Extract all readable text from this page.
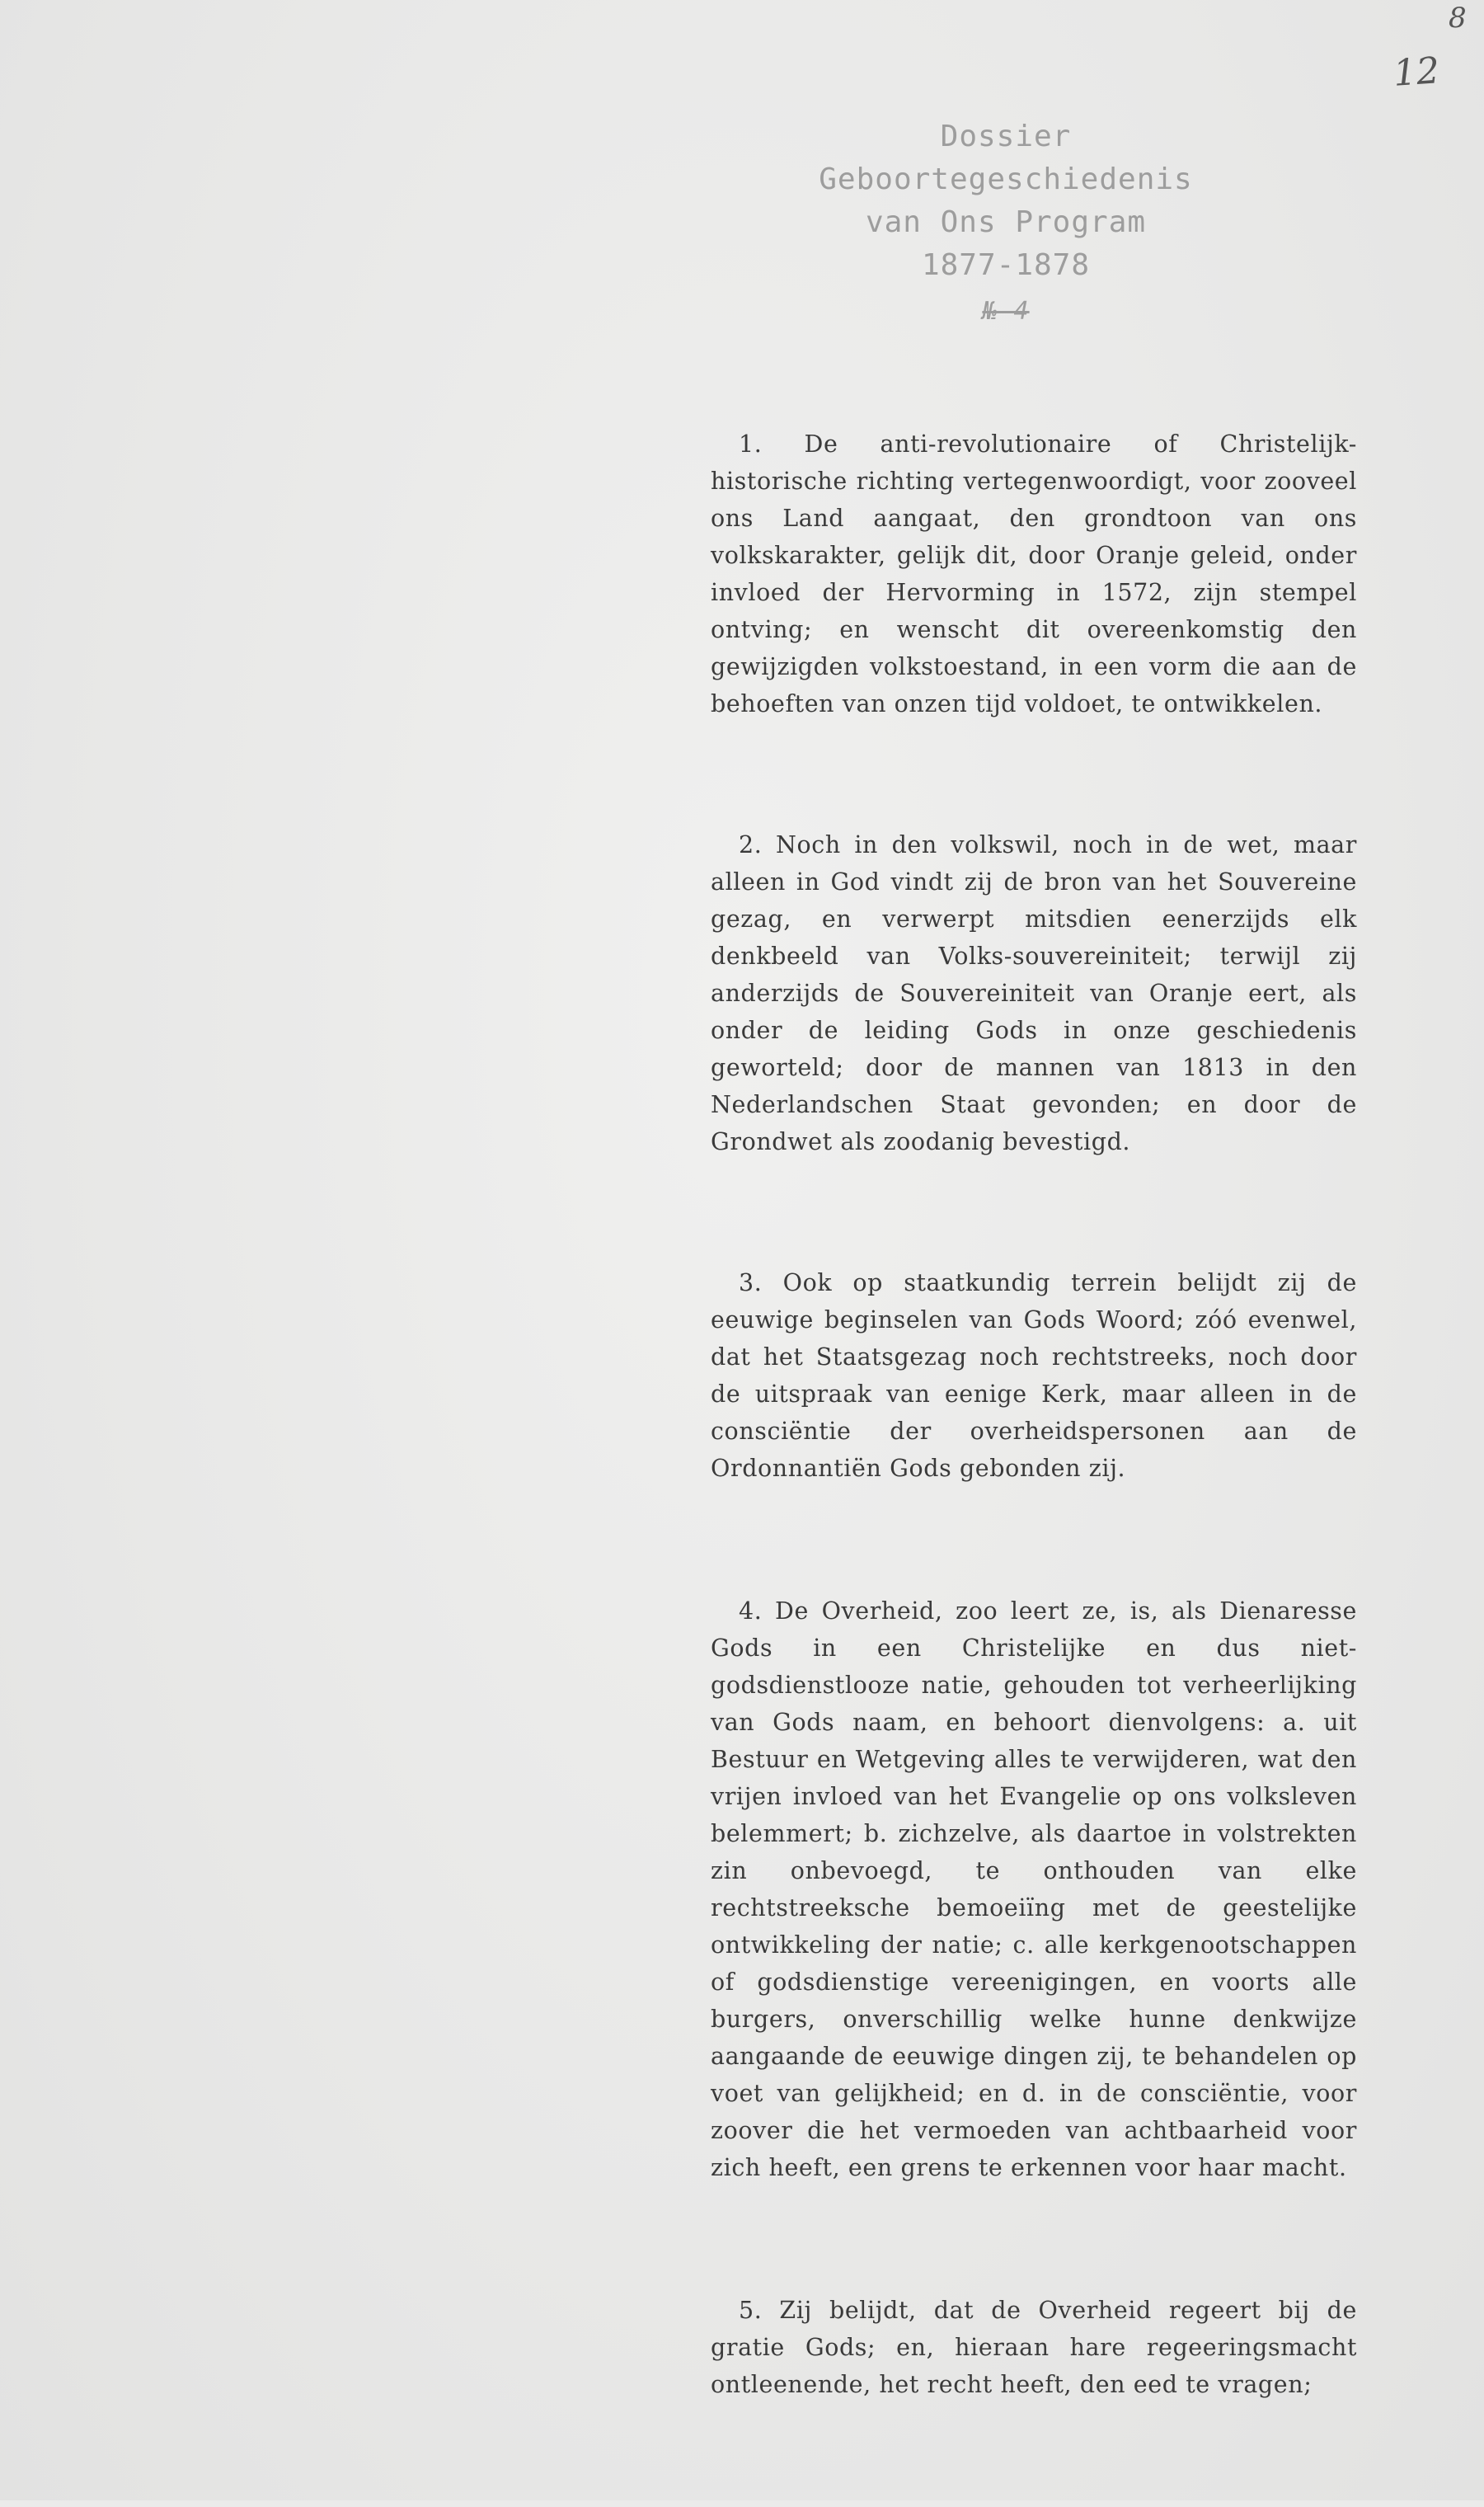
8
12
Dossier
Geboortegeschiedenis
van Ons Program
1877-1878
№ 4

1. De anti-revolutionaire of Christelijk-historische richting vertegenwoordigt, voor zooveel ons Land aangaat, den grondtoon van ons volkskarakter, gelijk dit, door Oranje geleid, onder invloed der Hervorming in 1572, zijn stempel ontving; en wenscht dit overeenkomstig den gewijzigden volkstoestand, in een vorm die aan de behoeften van onzen tijd voldoet, te ontwikkelen.

2. Noch in den volkswil, noch in de wet, maar alleen in God vindt zij de bron van het Souvereine gezag, en verwerpt mitsdien eenerzijds elk denkbeeld van Volks-souvereiniteit; terwijl zij anderzijds de Souvereiniteit van Oranje eert, als onder de leiding Gods in onze geschiedenis geworteld; door de mannen van 1813 in den Nederlandschen Staat gevonden; en door de Grondwet als zoodanig bevestigd.

3. Ook op staatkundig terrein belijdt zij de eeuwige beginselen van Gods Woord; zóó evenwel, dat het Staatsgezag noch rechtstreeks, noch door de uitspraak van eenige Kerk, maar alleen in de consciëntie der overheidspersonen aan de Ordonnantiën Gods gebonden zij.

4. De Overheid, zoo leert ze, is, als Dienaresse Gods in een Christelijke en dus niet-godsdienstlooze natie, gehouden tot verheerlijking van Gods naam, en behoort dienvolgens: a. uit Bestuur en Wetgeving alles te verwijderen, wat den vrijen invloed van het Evangelie op ons volksleven belemmert; b. zichzelve, als daartoe in volstrekten zin onbevoegd, te onthouden van elke rechtstreeksche bemoeiïng met de geestelijke ontwikkeling der natie; c. alle kerkgenootschappen of godsdienstige vereenigingen, en voorts alle burgers, onverschillig welke hunne denkwijze aangaande de eeuwige dingen zij, te behandelen op voet van gelijkheid; en d. in de consciëntie, voor zoover die het vermoeden van achtbaarheid voor zich heeft, een grens te erkennen voor haar macht.

5. Zij belijdt, dat de Overheid regeert bij de gratie Gods; en, hieraan hare regeeringsmacht ontleenende, het recht heeft, den eed te vragen;
